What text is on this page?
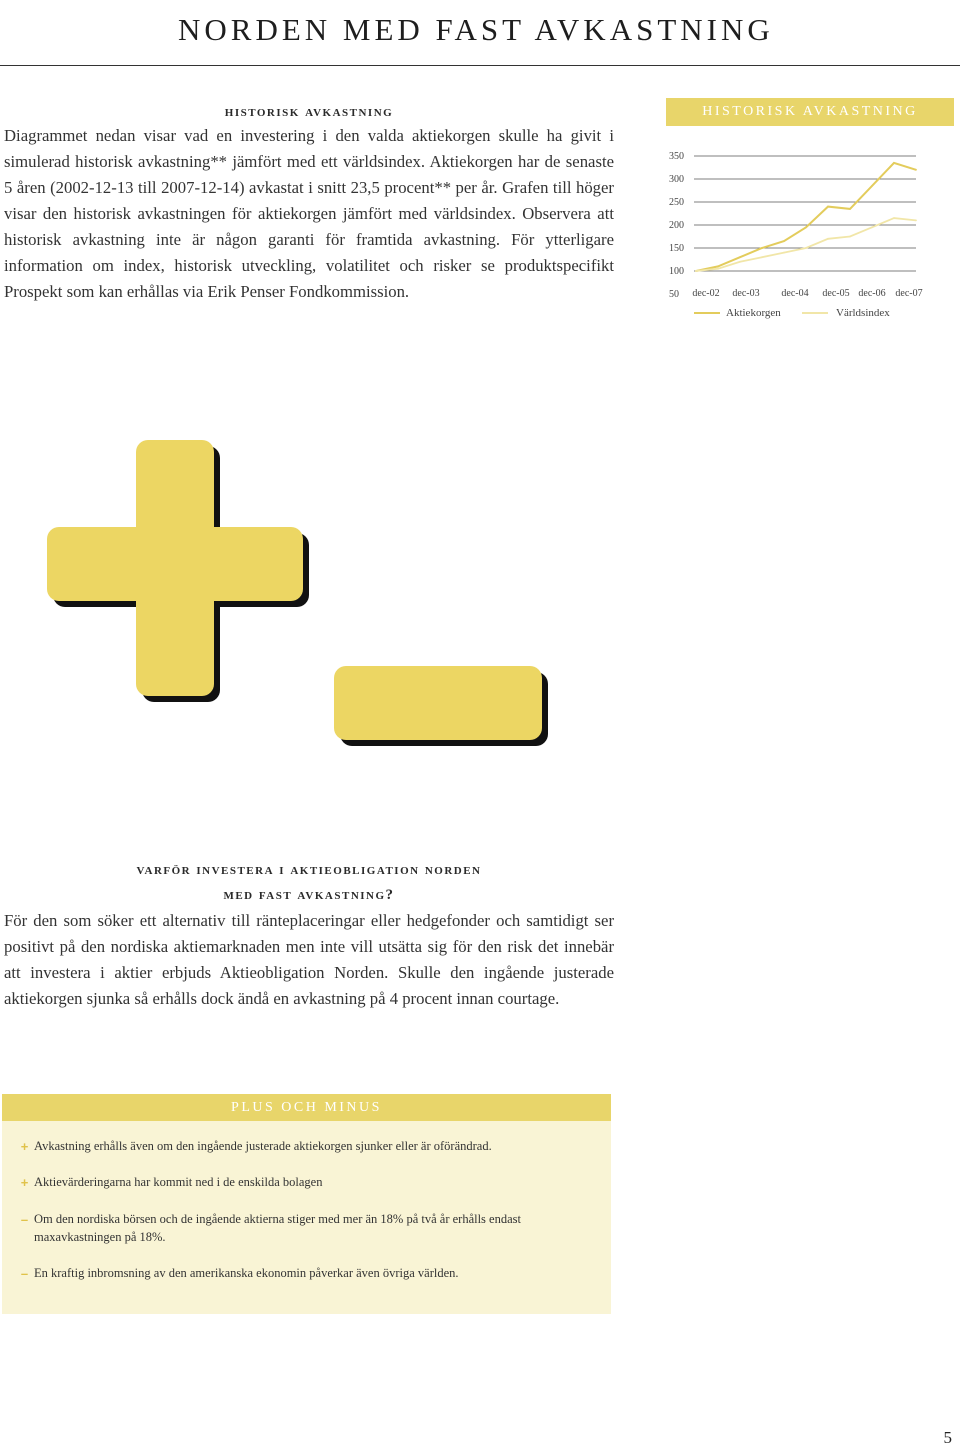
NORDEN MED FAST AVKASTNING
historisk avkastning

Diagrammet nedan visar vad en investering i den valda aktiekorgen skulle ha givit i simulerad historisk avkastning** jämfört med ett världsindex. Aktiekorgen har de senaste 5 åren (2002-12-13 till 2007-12-14) avkastat i snitt 23,5 procent** per år. Grafen till höger visar den historisk avkastningen för aktiekorgen jämfört med världsindex. Observera att historisk avkastning inte är någon garanti för framtida avkastning. För ytterligare information om index, historisk utveckling, volatilitet och risker se produktspecifikt Prospekt som kan erhållas via Erik Penser Fondkommission.

HISTORISK AVKASTNING
350
300
250
200
150
100
50 dec-02 dec-03 dec-04 dec-05 dec-06 dec-07
Aktiekorgen	Världsindex
varför investera i aktieobligation norden
med fast avkastning?

För den som söker ett alternativ till ränteplaceringar eller hedgefonder och samtidigt ser positivt på den nordiska aktiemarknaden men inte vill utsätta sig för den risk det innebär att investera i aktier erbjuds Aktieobligation Norden. Skulle den ingående justerade aktiekorgen sjunka så erhålls dock ändå en avkastning på 4 procent innan courtage.

PLUS OCH MINUS
+ Avkastning erhålls även om den ingående justerade aktiekorgen sjunker eller är oförändrad.
+ Aktievärderingarna har kommit ned i de enskilda bolagen
– Om den nordiska börsen och de ingående aktierna stiger med mer än 18% på två år erhålls endast maxavkastningen på 18%.
– En kraftig inbromsning av den amerikanska ekonomin påverkar även övriga världen.
5
